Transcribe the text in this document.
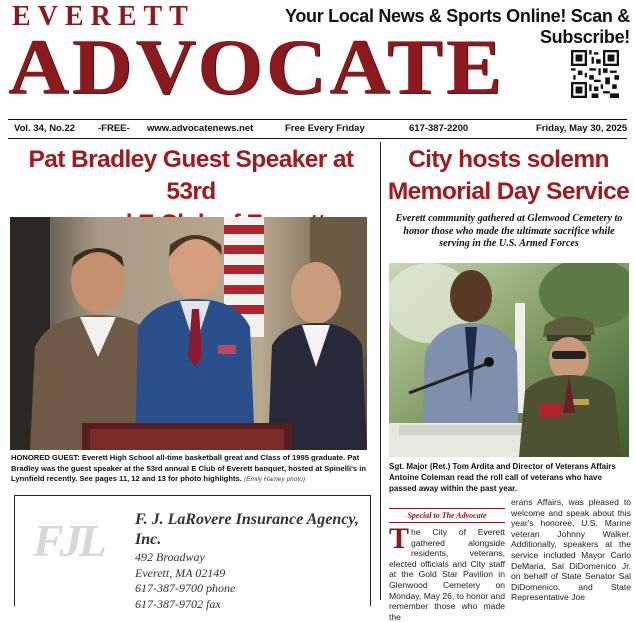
EVERETT
ADVOCATE
Your Local News & Sports Online! Scan & Subscribe!
Vol. 34, No.22 -FREE- www.advocatenews.net	Free Every Friday	617-387-2200	Friday, May 30, 2025
Pat Bradley Guest Speaker at 53rd
HONORED GUEST: Everett High School all-time basketball great and Class of 1995 graduate. Pat Bradley was the guest speaker at the 53rd annual E Club of Everett banquet, hosted at Spinelli's in Lynnfield recently. See pages 11, 12 and 13 for photo highlights. (Emily Harney photo)
FJL F. J. LaRovere Insurance Agency, Inc.
492 Broadway
Everett, MA 02149
617-387-9700 phone
617-387-9702 fax
City hosts solemn
Memorial Day Service
Everett community gathered at Glenwood Cemetery to honor those who made the ultimate sacrifice while serving in the U.S. Armed Forces
Sgt. Major (Ret.) Tom Ardita and Director of Veterans Affairs Antoine Coleman read the roll call of veterans who have passed away within the past year.
Special to The Advocate
The City of Everett gathered alongside residents, veterans, elected officials and City staff at the Gold Star Pavilion in Glenwood Cemetery on Monday, May 26, to honor and remember those who made the
erans Affairs, was pleased to welcome and speak about this year's honoree, U.S. Marine veteran Johnny Walker. Additionally, speakers at the service included Mayor Carlo DeMaria, Sal DiDomenico Jr. on behalf of State Senator Sal DiDomenico, and State Representative Joe
